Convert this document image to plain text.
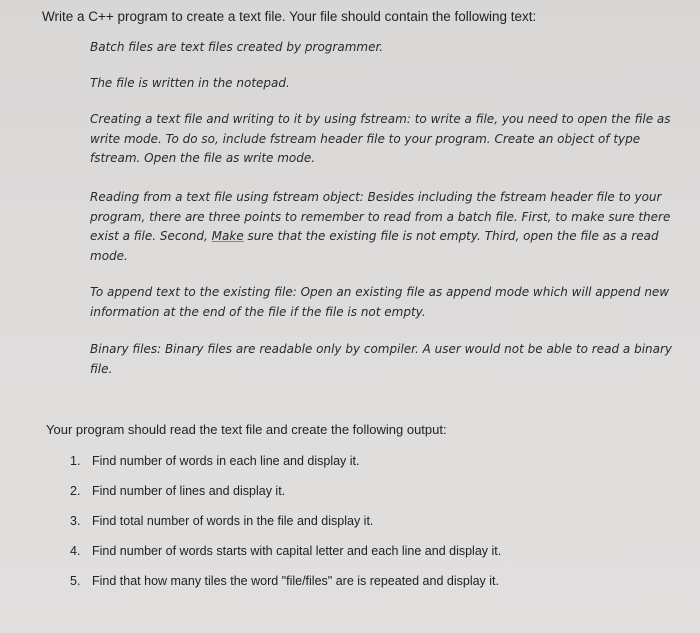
Write a C++ program to create a text file. Your file should contain the following text:

Batch files are text files created by programmer.

The file is written in the notepad.

Creating a text file and writing to it by using fstream: to write a file, you need to open the file as write mode. To do so, include fstream header file to your program. Create an object of type fstream. Open the file as write mode.

Reading from a text file using fstream object: Besides including the fstream header file to your program, there are three points to remember to read from a batch file. First, to make sure there exist a file. Second, Make sure that the existing file is not empty. Third, open the file as a read mode.

To append text to the existing file: Open an existing file as append mode which will append new information at the end of the file if the file is not empty.

Binary files: Binary files are readable only by compiler. A user would not be able to read a binary file.

Your program should read the text file and create the following output:
1. Find number of words in each line and display it.
2. Find number of lines and display it.
3. Find total number of words in the file and display it.
4. Find number of words starts with capital letter and each line and display it.
5. Find that how many tiles the word "file/files" are is repeated and display it.
